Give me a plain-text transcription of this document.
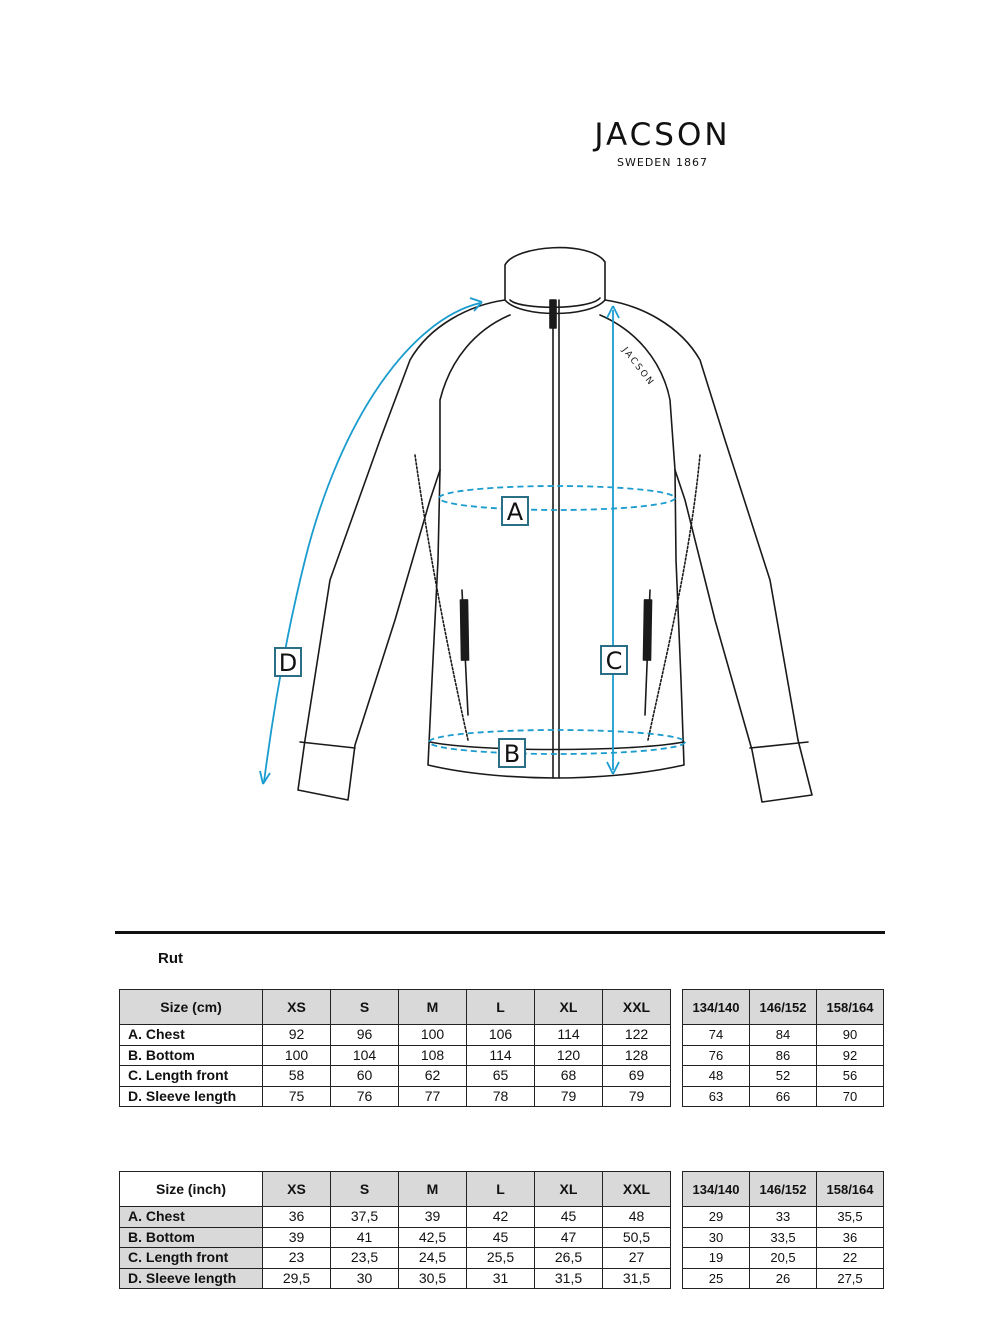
JACSON
SWEDEN 1867
JACSON
A
B
C
D
Rut
Size (cm)	XS	S	M	L	XL	XXL
A. Chest	92	96	100	106	114	122
B. Bottom	100	104	108	114	120	128
C. Length front	58	60	62	65	68	69
D. Sleeve length	75	76	77	78	79	79
134/140	146/152	158/164
74	84	90
76	86	92
48	52	56
63	66	70
Size (inch)	XS	S	M	L	XL	XXL
A. Chest	36	37,5	39	42	45	48
B. Bottom	39	41	42,5	45	47	50,5
C. Length front	23	23,5	24,5	25,5	26,5	27
D. Sleeve length	29,5	30	30,5	31	31,5	31,5
134/140	146/152	158/164
29	33	35,5
30	33,5	36
19	20,5	22
25	26	27,5
